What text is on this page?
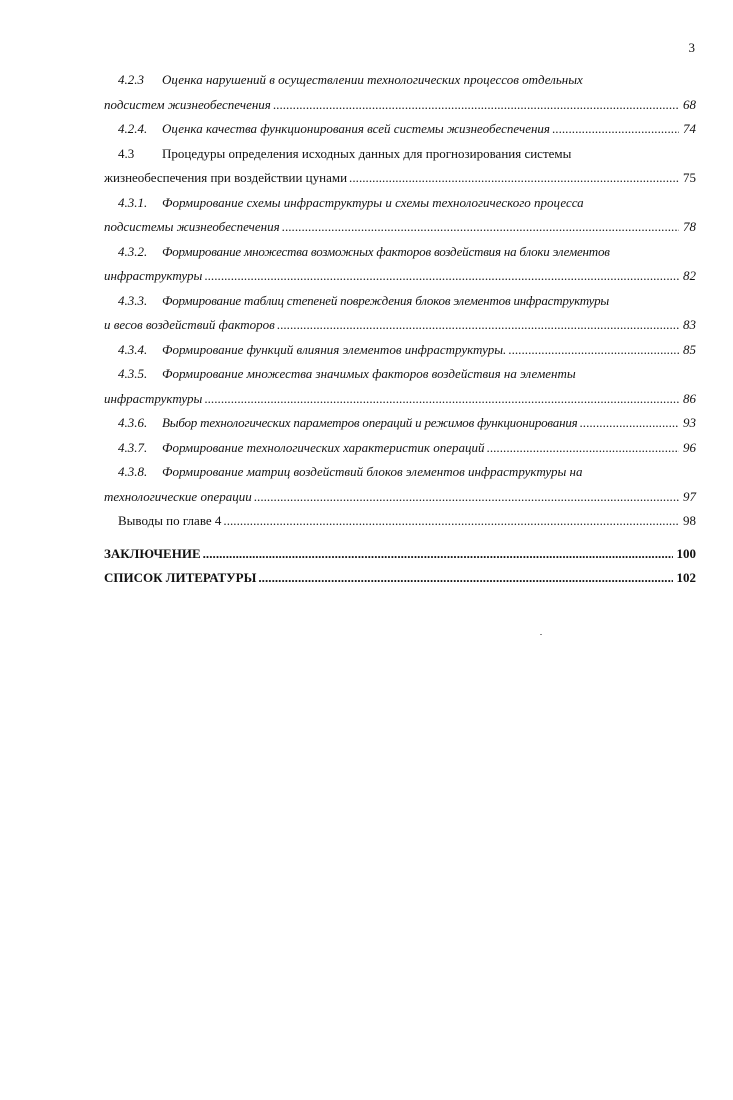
3
4.2.3	Оценка нарушений в осуществлении технологических процессов отдельных
подсистем жизнеобеспечения . . .	68
4.2.4.	Оценка качества функционирования всей системы жизнеобеспечения . . .	74
4.3	Процедуры определения исходных данных для прогнозирования системы
жизнеобеспечения при воздействии цунами . . .	75
4.3.1.	Формирование схемы инфраструктуры и схемы технологического процесса
подсистемы жизнеобеспечения . . .	78
4.3.2.	Формирование множества возможных факторов воздействия на блоки элементов
инфраструктуры . . .	82
4.3.3.	Формирование таблиц степеней повреждения блоков элементов инфраструктуры
и весов воздействий факторов . . .	83
4.3.4.	Формирование функций влияния элементов инфраструктуры. . . .	85
4.3.5.	Формирование множества значимых факторов воздействия на элементы
инфраструктуры . . .	86
4.3.6.	Выбор технологических параметров операций и режимов функционирования . . .	93
4.3.7.	Формирование технологических характеристик операций . . .	96
4.3.8.	Формирование матриц воздействий блоков элементов инфраструктуры на
технологические операции . . .	97
Выводы по главе 4 . . .	98
ЗАКЛЮЧЕНИЕ . . .	100
СПИСОК ЛИТЕРАТУРЫ . . .	102
